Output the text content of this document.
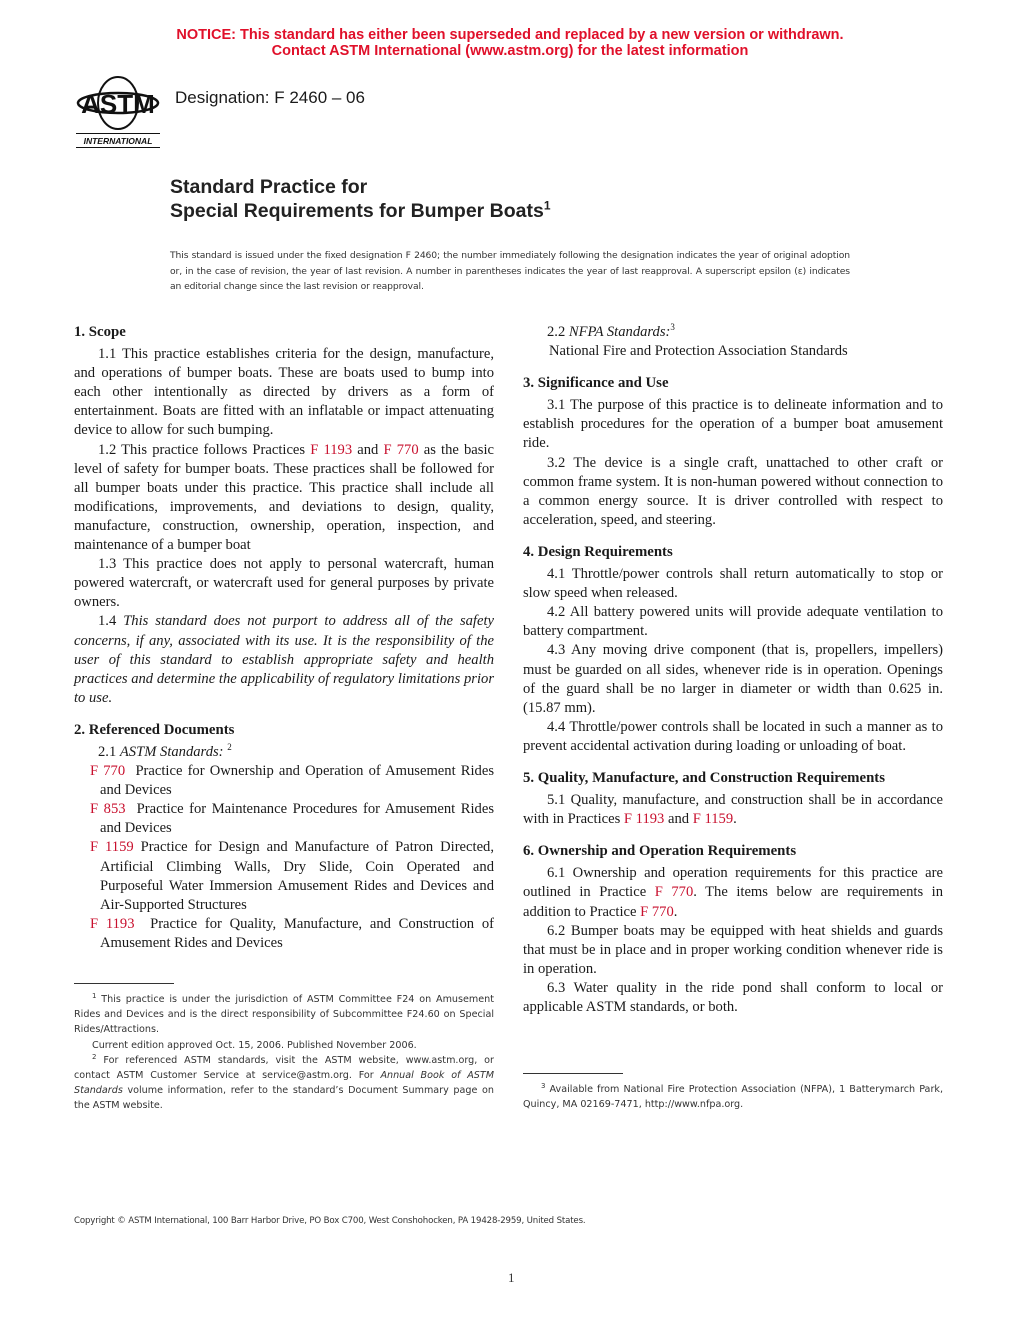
NOTICE: This standard has either been superseded and replaced by a new version or withdrawn.
Contact ASTM International (www.astm.org) for the latest information
ASTM
INTERNATIONAL
Designation: F 2460 – 06
Standard Practice for
Special Requirements for Bumper Boats$^1$
This standard is issued under the fixed designation F 2460; the number immediately following the designation indicates the year of original adoption or, in the case of revision, the year of last revision. A number in parentheses indicates the year of last reapproval. A superscript epsilon (ε) indicates an editorial change since the last revision or reapproval.
1. Scope

1.1 This practice establishes criteria for the design, manufacture, and operations of bumper boats. These are boats used to bump into each other intentionally as directed by drivers as a form of entertainment. Boats are fitted with an inflatable or impact attenuating device to allow for such bumping.

1.2 This practice follows Practices F 1193 and F 770 as the basic level of safety for bumper boats. These practices shall be followed for all bumper boats under this practice. This practice shall include all modifications, improvements, and deviations to design, quality, manufacture, construction, ownership, operation, inspection, and maintenance of a bumper boat

1.3 This practice does not apply to personal watercraft, human powered watercraft, or watercraft used for general purposes by private owners.

1.4 This standard does not purport to address all of the safety concerns, if any, associated with its use. It is the responsibility of the user of this standard to establish appropriate safety and health practices and determine the applicability of regulatory limitations prior to use.

2. Referenced Documents

2.1 ASTM Standards: $^2$

F 770 Practice for Ownership and Operation of Amusement Rides and Devices

F 853 Practice for Maintenance Procedures for Amusement Rides and Devices

F 1159 Practice for Design and Manufacture of Patron Directed, Artificial Climbing Walls, Dry Slide, Coin Operated and Purposeful Water Immersion Amusement Rides and Devices and Air-Supported Structures

F 1193 Practice for Quality, Manufacture, and Construction of Amusement Rides and Devices

$^1$ This practice is under the jurisdiction of ASTM Committee F24 on Amusement Rides and Devices and is the direct responsibility of Subcommittee F24.60 on Special Rides/Attractions.

Current edition approved Oct. 15, 2006. Published November 2006.

$^2$ For referenced ASTM standards, visit the ASTM website, www.astm.org, or contact ASTM Customer Service at service@astm.org. For Annual Book of ASTM Standards volume information, refer to the standard’s Document Summary page on the ASTM website.

2.2 NFPA Standards:$^3$

National Fire and Protection Association Standards

3. Significance and Use

3.1 The purpose of this practice is to delineate information and to establish procedures for the operation of a bumper boat amusement ride.

3.2 The device is a single craft, unattached to other craft or common frame system. It is non-human powered without connection to a common energy source. It is driver controlled with respect to acceleration, speed, and steering.

4. Design Requirements

4.1 Throttle/power controls shall return automatically to stop or slow speed when released.

4.2 All battery powered units will provide adequate ventilation to battery compartment.

4.3 Any moving drive component (that is, propellers, impellers) must be guarded on all sides, whenever ride is in operation. Openings of the guard shall be no larger in diameter or width than 0.625 in. (15.87 mm).

4.4 Throttle/power controls shall be located in such a manner as to prevent accidental activation during loading or unloading of boat.

5. Quality, Manufacture, and Construction Requirements

5.1 Quality, manufacture, and construction shall be in accordance with in Practices F 1193 and F 1159.

6. Ownership and Operation Requirements

6.1 Ownership and operation requirements for this practice are outlined in Practice F 770. The items below are requirements in addition to Practice F 770.

6.2 Bumper boats may be equipped with heat shields and guards that must be in place and in proper working condition whenever ride is in operation.

6.3 Water quality in the ride pond shall conform to local or applicable ASTM standards, or both.

$^3$ Available from National Fire Protection Association (NFPA), 1 Batterymarch Park, Quincy, MA 02169-7471, http://www.nfpa.org.

Copyright © ASTM International, 100 Barr Harbor Drive, PO Box C700, West Conshohocken, PA 19428-2959, United States.
1
